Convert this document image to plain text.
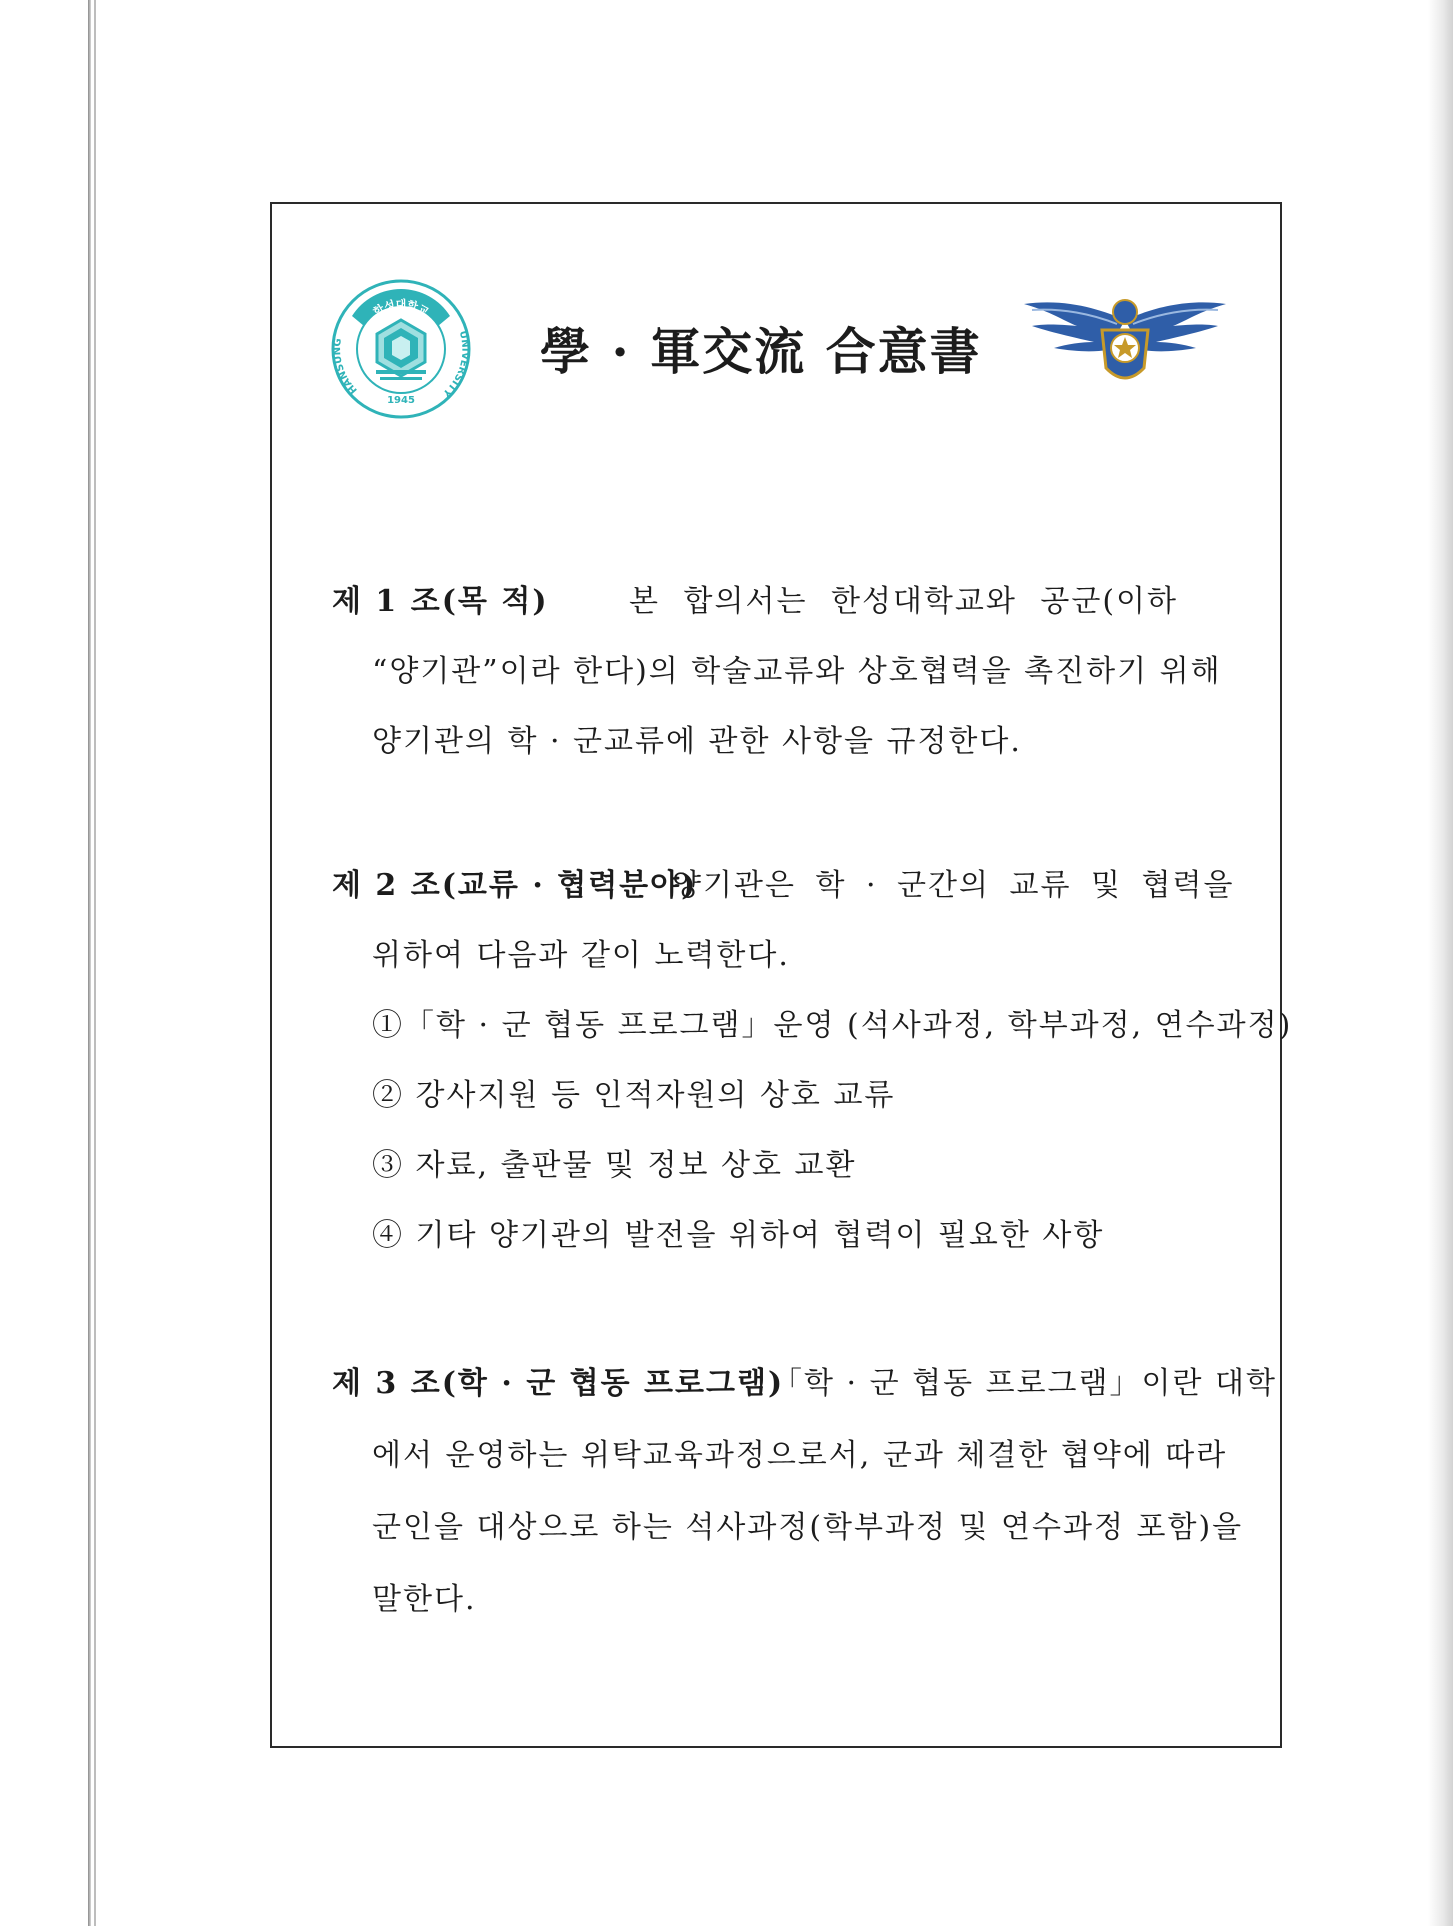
한성대학교
HANSUNG
UNIVERSITY
1945
學 · 軍交流 合意書
제 1 조(목 적)	본 합의서는 한성대학교와 공군(이하
“양기관”이라 한다)의 학술교류와 상호협력을 촉진하기 위해
양기관의 학 · 군교류에 관한 사항을 규정한다.
제 2 조(교류 · 협력분야)
양기관은 학 · 군간의 교류 및 협력을
위하여 다음과 같이 노력한다.
①「학 · 군 협동 프로그램」운영 (석사과정, 학부과정, 연수과정)
② 강사지원 등 인적자원의 상호 교류
③ 자료, 출판물 및 정보 상호 교환
④ 기타 양기관의 발전을 위하여 협력이 필요한 사항
제 3 조(학 · 군 협동 프로그램)
「학 · 군 협동 프로그램」이란 대학
에서 운영하는 위탁교육과정으로서, 군과 체결한 협약에 따라
군인을 대상으로 하는 석사과정(학부과정 및 연수과정 포함)을
말한다.
